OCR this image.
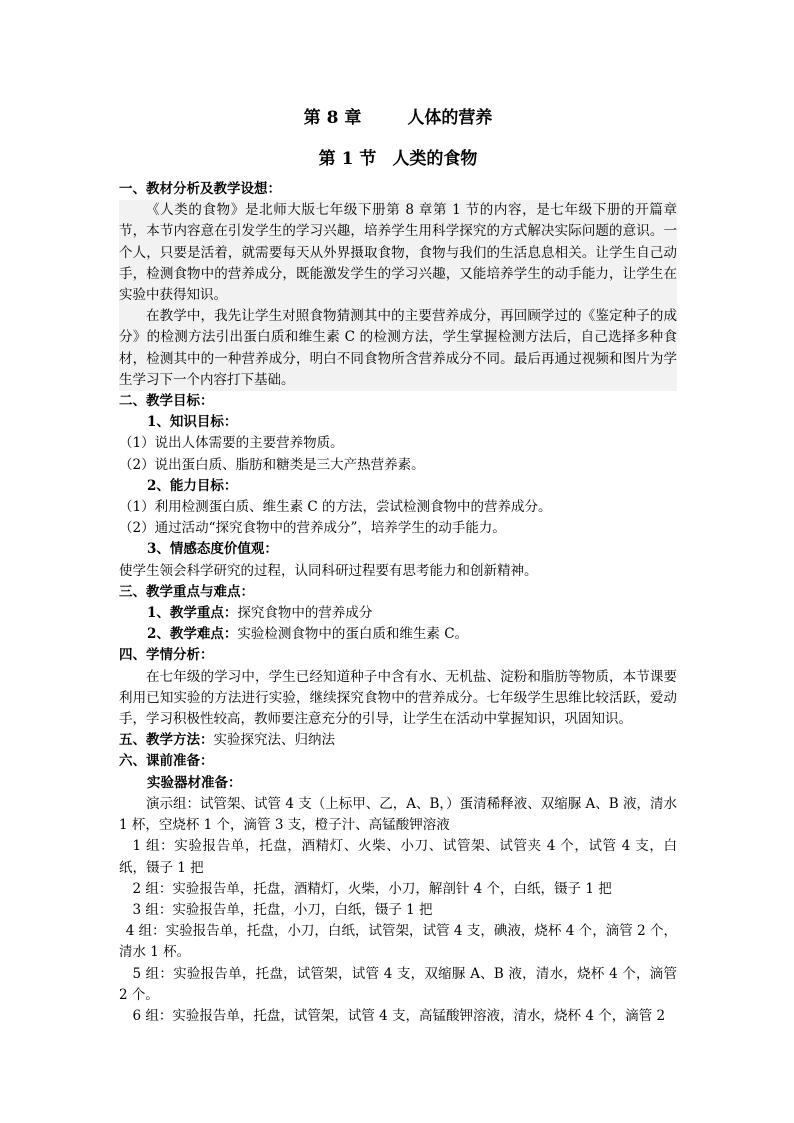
第 8 章	人体的营养
第 1 节 人类的食物

一、教材分析及教学设想：

《人类的食物》是北师大版七年级下册第 8 章第 1 节的内容，是七年级下册的开篇章节，本节内容意在引发学生的学习兴趣，培养学生用科学探究的方式解决实际问题的意识。一个人，只要是活着，就需要每天从外界摄取食物，食物与我们的生活息息相关。让学生自己动手，检测食物中的营养成分，既能激发学生的学习兴趣，又能培养学生的动手能力，让学生在实验中获得知识。

在教学中，我先让学生对照食物猜测其中的主要营养成分，再回顾学过的《鉴定种子的成分》的检测方法引出蛋白质和维生素 C 的检测方法，学生掌握检测方法后，自己选择多种食材，检测其中的一种营养成分，明白不同食物所含营养成分不同。最后再通过视频和图片为学生学习下一个内容打下基础。

二、教学目标：

1、知识目标：

（1）说出人体需要的主要营养物质。

（2）说出蛋白质、脂肪和糖类是三大产热营养素。

2、能力目标：

（1）利用检测蛋白质、维生素 C 的方法，尝试检测食物中的营养成分。

（2）通过活动“探究食物中的营养成分”，培养学生的动手能力。

3、情感态度价值观：

使学生领会科学研究的过程，认同科研过程要有思考能力和创新精神。

三、教学重点与难点：

1、教学重点：探究食物中的营养成分

2、教学难点：实验检测食物中的蛋白质和维生素 C。

四、学情分析：

在七年级的学习中，学生已经知道种子中含有水、无机盐、淀粉和脂肪等物质，本节课要利用已知实验的方法进行实验，继续探究食物中的营养成分。七年级学生思维比较活跃，爱动手，学习积极性较高，教师要注意充分的引导，让学生在活动中掌握知识，巩固知识。

五、教学方法：实验探究法、归纳法

六、课前准备：

实验器材准备：

演示组：试管架、试管 4 支（上标甲、乙，A、B，）蛋清稀释液、双缩脲 A、B 液，清水 1 杯，空烧杯 1 个，滴管 3 支，橙子汁、高锰酸钾溶液

1 组：实验报告单，托盘，酒精灯、火柴、小刀、试管架、试管夹 4 个，试管 4 支，白纸，镊子 1 把

2 组：实验报告单，托盘，酒精灯，火柴，小刀，解剖针 4 个，白纸，镊子 1 把

3 组：实验报告单，托盘，小刀，白纸，镊子 1 把

4 组：实验报告单，托盘，小刀，白纸，试管架，试管 4 支，碘液，烧杯 4 个，滴管 2 个，清水 1 杯。

5 组：实验报告单，托盘，试管架，试管 4 支，双缩脲 A、B 液，清水，烧杯 4 个，滴管 2 个。

6 组：实验报告单，托盘，试管架，试管 4 支，高锰酸钾溶液，清水，烧杯 4 个，滴管 2
